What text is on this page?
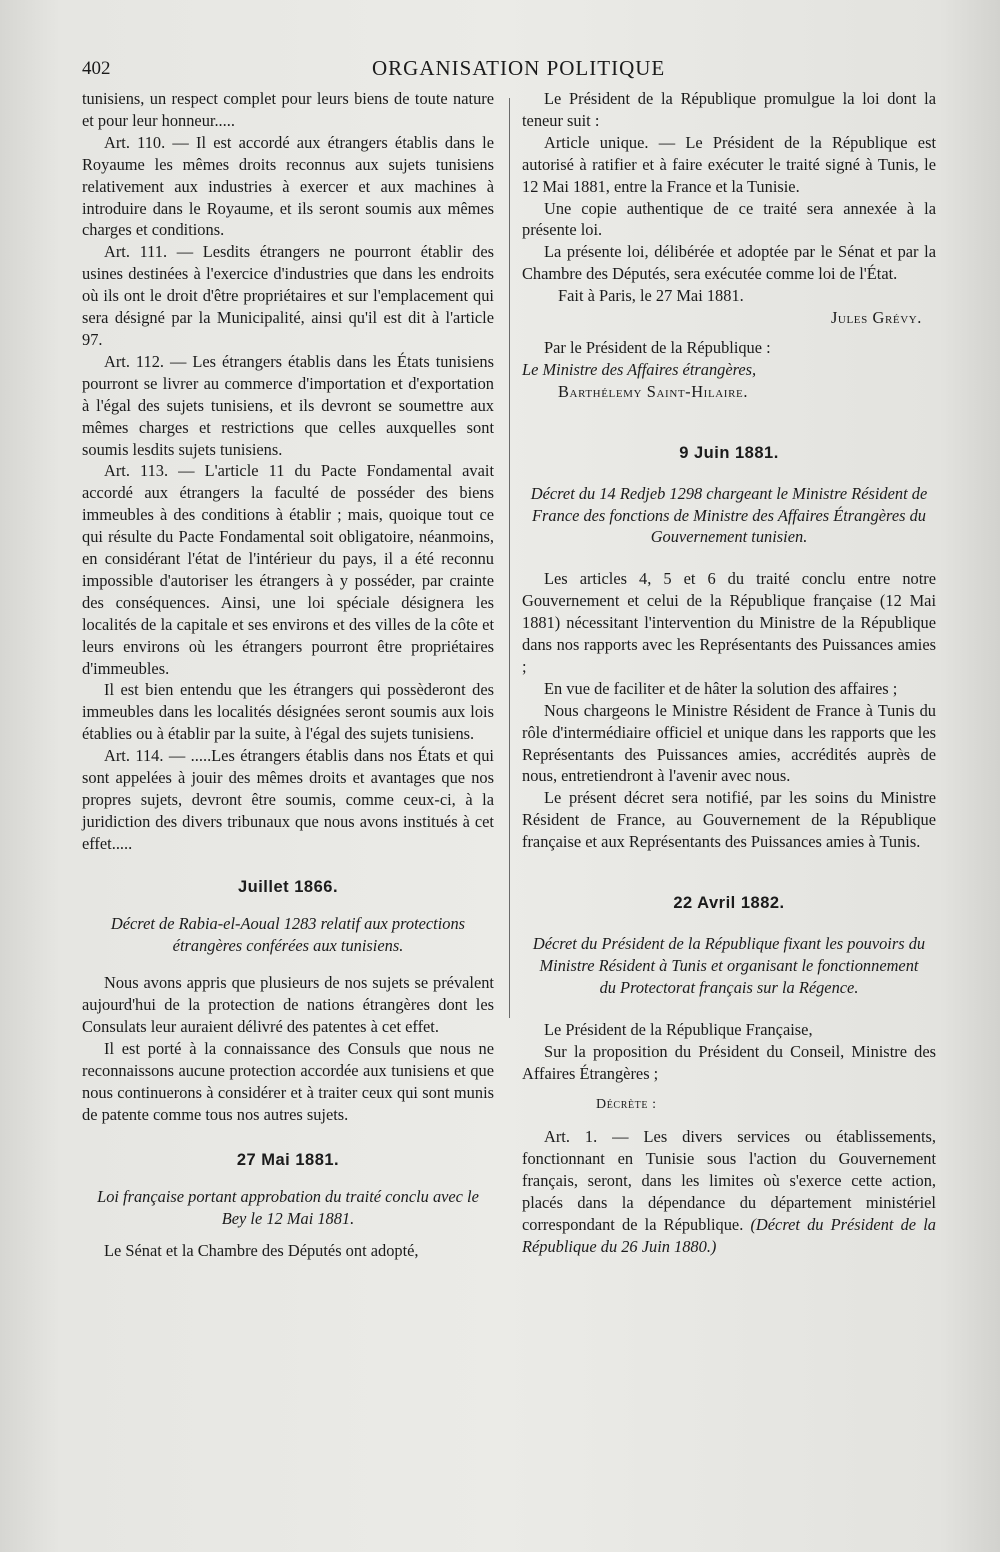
402	ORGANISATION POLITIQUE

tunisiens, un respect complet pour leurs biens de toute nature et pour leur honneur.....

Art. 110. — Il est accordé aux étrangers établis dans le Royaume les mêmes droits reconnus aux sujets tunisiens relativement aux industries à exercer et aux machines à introduire dans le Royaume, et ils seront soumis aux mêmes charges et conditions.

Art. 111. — Lesdits étrangers ne pourront établir des usines destinées à l'exercice d'industries que dans les endroits où ils ont le droit d'être propriétaires et sur l'emplacement qui sera désigné par la Municipalité, ainsi qu'il est dit à l'article 97.

Art. 112. — Les étrangers établis dans les États tunisiens pourront se livrer au commerce d'importation et d'exportation à l'égal des sujets tunisiens, et ils devront se soumettre aux mêmes charges et restrictions que celles auxquelles sont soumis lesdits sujets tunisiens.

Art. 113. — L'article 11 du Pacte Fondamental avait accordé aux étrangers la faculté de posséder des biens immeubles à des conditions à établir ; mais, quoique tout ce qui résulte du Pacte Fondamental soit obligatoire, néanmoins, en considérant l'état de l'intérieur du pays, il a été reconnu impossible d'autoriser les étrangers à y posséder, par crainte des conséquences. Ainsi, une loi spéciale désignera les localités de la capitale et ses environs et des villes de la côte et leurs environs où les étrangers pourront être propriétaires d'immeubles.

Il est bien entendu que les étrangers qui possèderont des immeubles dans les localités désignées seront soumis aux lois établies ou à établir par la suite, à l'égal des sujets tunisiens.

Art. 114. — .....Les étrangers établis dans nos États et qui sont appelées à jouir des mêmes droits et avantages que nos propres sujets, devront être soumis, comme ceux-ci, à la juridiction des divers tribunaux que nous avons institués à cet effet.....

Juillet 1866.

Décret de Rabia-el-Aoual 1283 relatif aux protections étrangères conférées aux tunisiens.

Nous avons appris que plusieurs de nos sujets se prévalent aujourd'hui de la protection de nations étrangères dont les Consulats leur auraient délivré des patentes à cet effet.

Il est porté à la connaissance des Consuls que nous ne reconnaissons aucune protection accordée aux tunisiens et que nous continuerons à considérer et à traiter ceux qui sont munis de patente comme tous nos autres sujets.

27 Mai 1881.

Loi française portant approbation du traité conclu avec le Bey le 12 Mai 1881.

Le Sénat et la Chambre des Députés ont adopté,

Le Président de la République promulgue la loi dont la teneur suit :

Article unique. — Le Président de la République est autorisé à ratifier et à faire exécuter le traité signé à Tunis, le 12 Mai 1881, entre la France et la Tunisie.

Une copie authentique de ce traité sera annexée à la présente loi.

La présente loi, délibérée et adoptée par le Sénat et par la Chambre des Députés, sera exécutée comme loi de l'État.

Fait à Paris, le 27 Mai 1881.

Jules Grévy.

Par le Président de la République :

Le Ministre des Affaires étrangères,

Barthélemy Saint-Hilaire.

9 Juin 1881.

Décret du 14 Redjeb 1298 chargeant le Ministre Résident de France des fonctions de Ministre des Affaires Étrangères du Gouvernement tunisien.

Les articles 4, 5 et 6 du traité conclu entre notre Gouvernement et celui de la République française (12 Mai 1881) nécessitant l'intervention du Ministre de la République dans nos rapports avec les Représentants des Puissances amies ;

En vue de faciliter et de hâter la solution des affaires ;

Nous chargeons le Ministre Résident de France à Tunis du rôle d'intermédiaire officiel et unique dans les rapports que les Représentants des Puissances amies, accrédités auprès de nous, entretiendront à l'avenir avec nous.

Le présent décret sera notifié, par les soins du Ministre Résident de France, au Gouvernement de la République française et aux Représentants des Puissances amies à Tunis.

22 Avril 1882.

Décret du Président de la République fixant les pouvoirs du Ministre Résident à Tunis et organisant le fonctionnement du Protectorat français sur la Régence.

Le Président de la République Française,

Sur la proposition du Président du Conseil, Ministre des Affaires Étrangères ;

Décrète :

Art. 1. — Les divers services ou établissements, fonctionnant en Tunisie sous l'action du Gouvernement français, seront, dans les limites où s'exerce cette action, placés dans la dépendance du département ministériel correspondant de la République. (Décret du Président de la République du 26 Juin 1880.)
